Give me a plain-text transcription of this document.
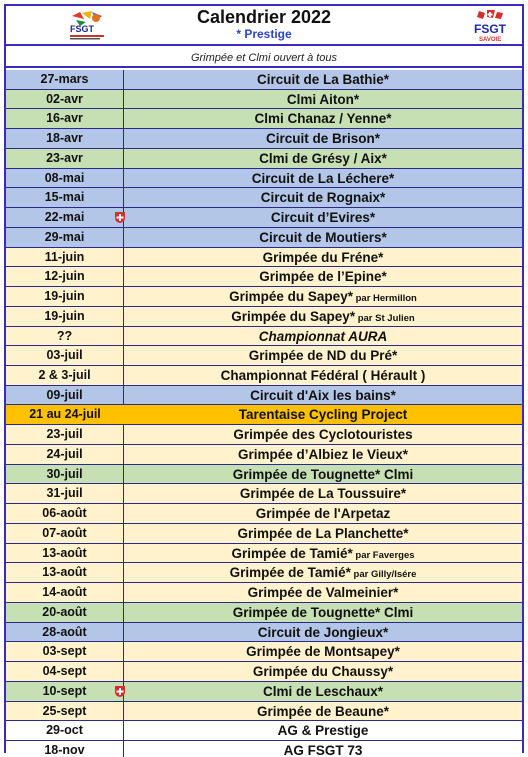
FSGT
Calendrier 2022
* Prestige	FSGT
SAVOIE
Grimpée et Clmi ouvert à tous
27-mars	Circuit de La Bathie*
02-avr	Clmi Aiton*
16-avr	Clmi Chanaz / Yenne*
18-avr	Circuit de Brison*
23-avr	Clmi de Grésy / Aix*
08-mai	Circuit de La Léchere*
15-mai	Circuit de Rognaix*
22-mai	Circuit d’Evires*
29-mai	Circuit de Moutiers*
11-juin	Grimpée du Fréne*
12-juin	Grimpée de l’Epine*
19-juin	Grimpée du Sapey* par Hermillon
19-juin	Grimpée du Sapey* par St Julien
??	Championnat AURA
03-juil	Grimpée de ND du Pré*
2 & 3-juil	Championnat Fédéral ( Hérault )
09-juil	Circuit d'Aix les bains*
21 au 24-juil	Tarentaise Cycling Project
23-juil	Grimpée des Cyclotouristes
24-juil	Grimpée d’Albiez le Vieux*
30-juil	Grimpée de Tougnette* Clmi
31-juil	Grimpée de La Toussuire*
06-août	Grimpée de l'Arpetaz
07-août	Grimpée de La Planchette*
13-août	Grimpée de Tamié* par Faverges
13-août	Grimpée de Tamié* par Gilly/Isére
14-août	Grimpée de Valmeinier*
20-août	Grimpée de Tougnette* Clmi
28-août	Circuit de Jongieux*
03-sept	Grimpée de Montsapey*
04-sept	Grimpée du Chaussy*
10-sept	Clmi de Leschaux*
25-sept	Grimpée de Beaune*
29-oct	AG & Prestige
18-nov	AG FSGT 73
